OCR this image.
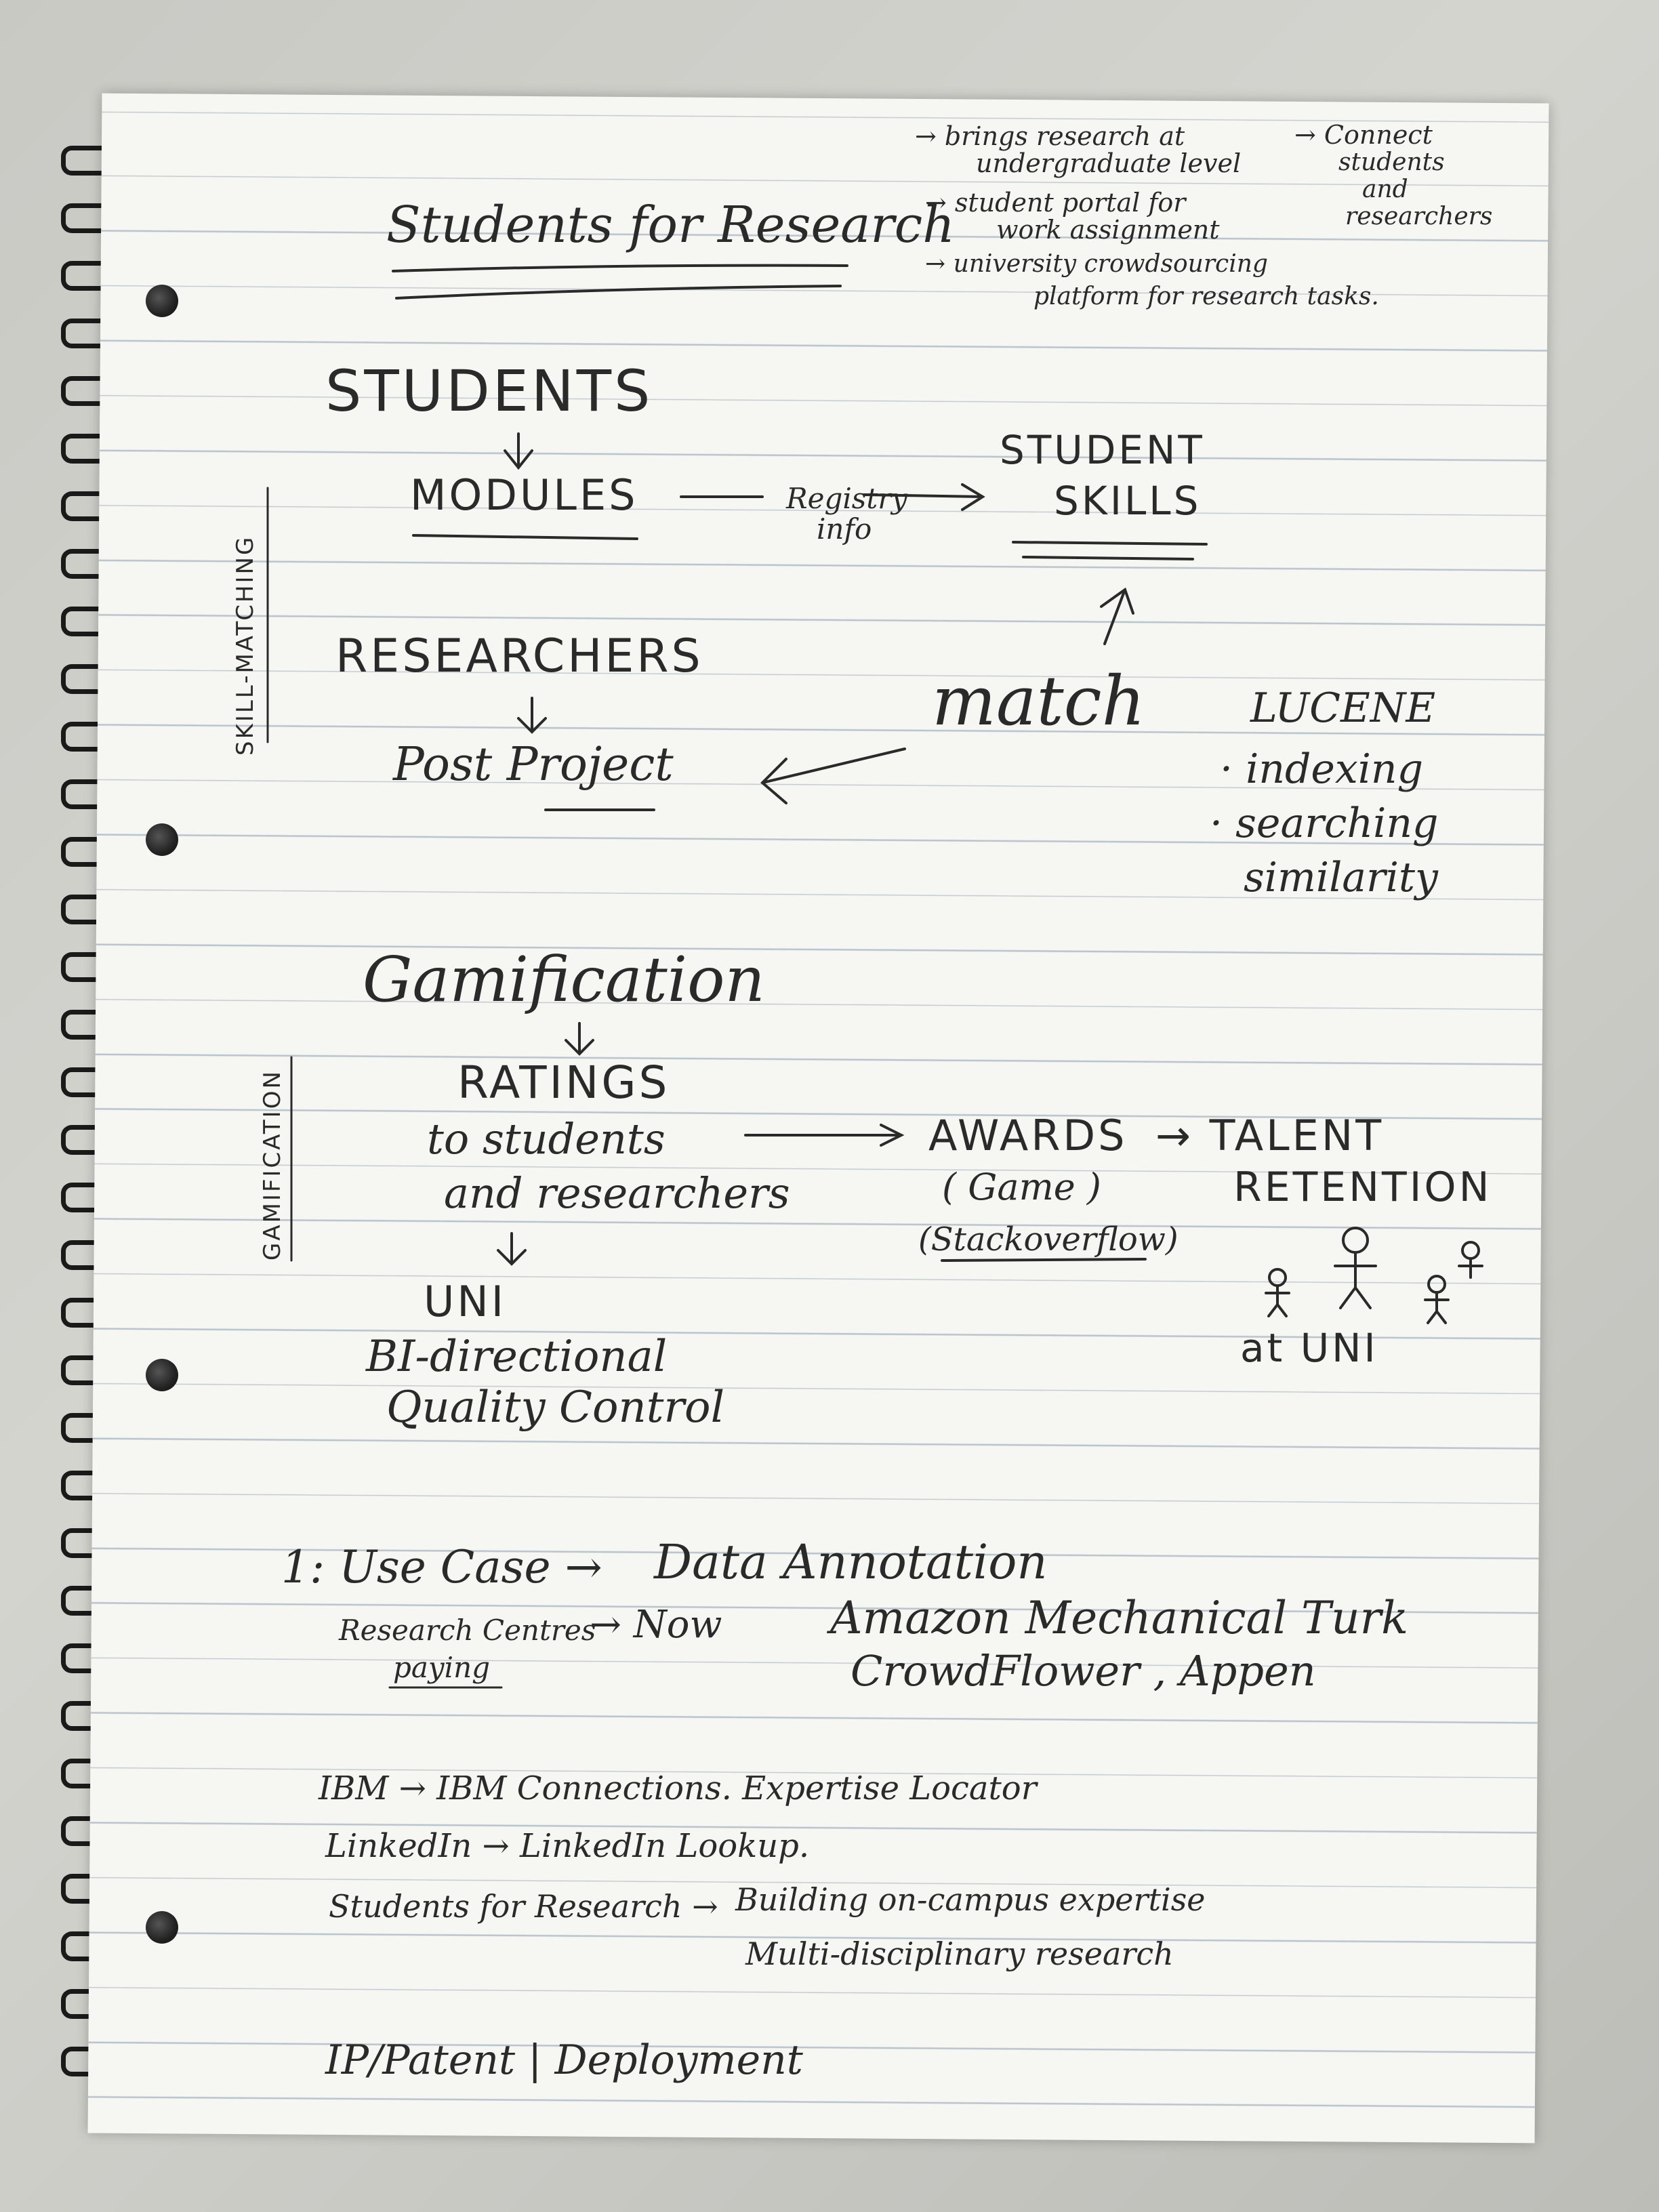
Students for Research
→ brings research at
undergraduate level
→ student portal for
work assignment
→ university crowdsourcing
platform for research tasks.
→ Connect
students
and
researchers
SKILL-MATCHING
STUDENTS
MODULES	Registry
info
STUDENT
SKILLS
RESEARCHERS
Post Project
match	LUCENE
· indexing
· searching
similarity
GAMIFICATION
Gamification
RATINGS
to students
and researchers
AWARDS
( Game )
(Stackoverflow)
→ TALENT
RETENTION
at UNI
UNI
BI-directional
Quality Control
1: Use Case → Data Annotation
Research Centres
paying
→ Now Amazon Mechanical Turk
CrowdFlower , Appen
IBM → IBM Connections. Expertise Locator
LinkedIn → LinkedIn Lookup.
Students for Research → Building on-campus expertise
Multi-disciplinary research
IP/Patent | Deployment
